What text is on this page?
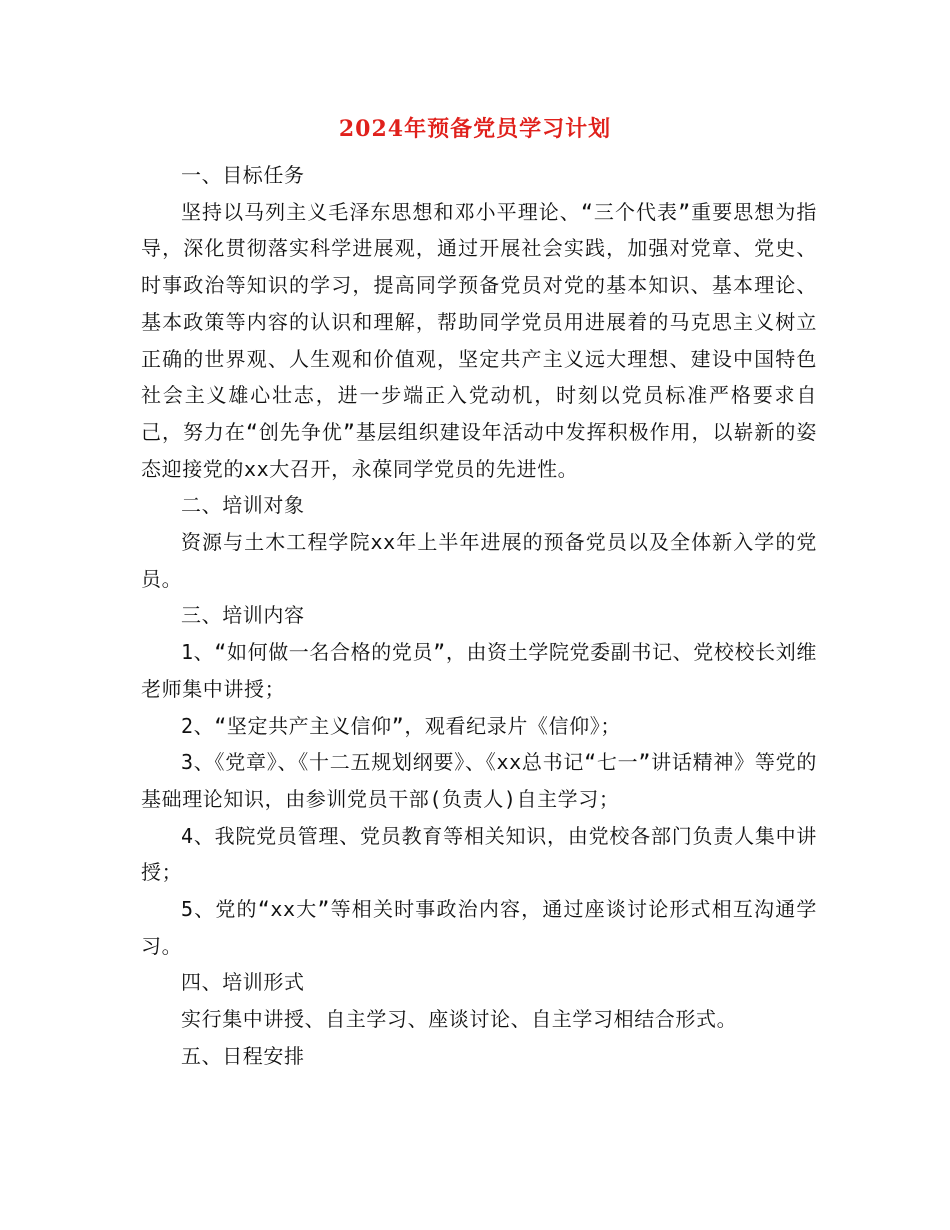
2024年预备党员学习计划

一、目标任务

坚持以马列主义毛泽东思想和邓小平理论、“三个代表”重要思想为指导，深化贯彻落实科学进展观，通过开展社会实践，加强对党章、党史、时事政治等知识的学习，提高同学预备党员对党的基本知识、基本理论、基本政策等内容的认识和理解，帮助同学党员用进展着的马克思主义树立正确的世界观、人生观和价值观，坚定共产主义远大理想、建设中国特色社会主义雄心壮志，进一步端正入党动机，时刻以党员标准严格要求自己，努力在“创先争优”基层组织建设年活动中发挥积极作用，以崭新的姿态迎接党的xx大召开，永葆同学党员的先进性。

二、培训对象

资源与土木工程学院xx年上半年进展的预备党员以及全体新入学的党员。

三、培训内容

1、“如何做一名合格的党员”，由资土学院党委副书记、党校校长刘维老师集中讲授；

2、“坚定共产主义信仰”，观看纪录片《信仰》；

3、《党章》、《十二五规划纲要》、《xx总书记“七一”讲话精神》等党的基础理论知识，由参训党员干部(负责人)自主学习；

4、我院党员管理、党员教育等相关知识，由党校各部门负责人集中讲授；

5、党的“xx大”等相关时事政治内容，通过座谈讨论形式相互沟通学习。

四、培训形式

实行集中讲授、自主学习、座谈讨论、自主学习相结合形式。

五、日程安排
